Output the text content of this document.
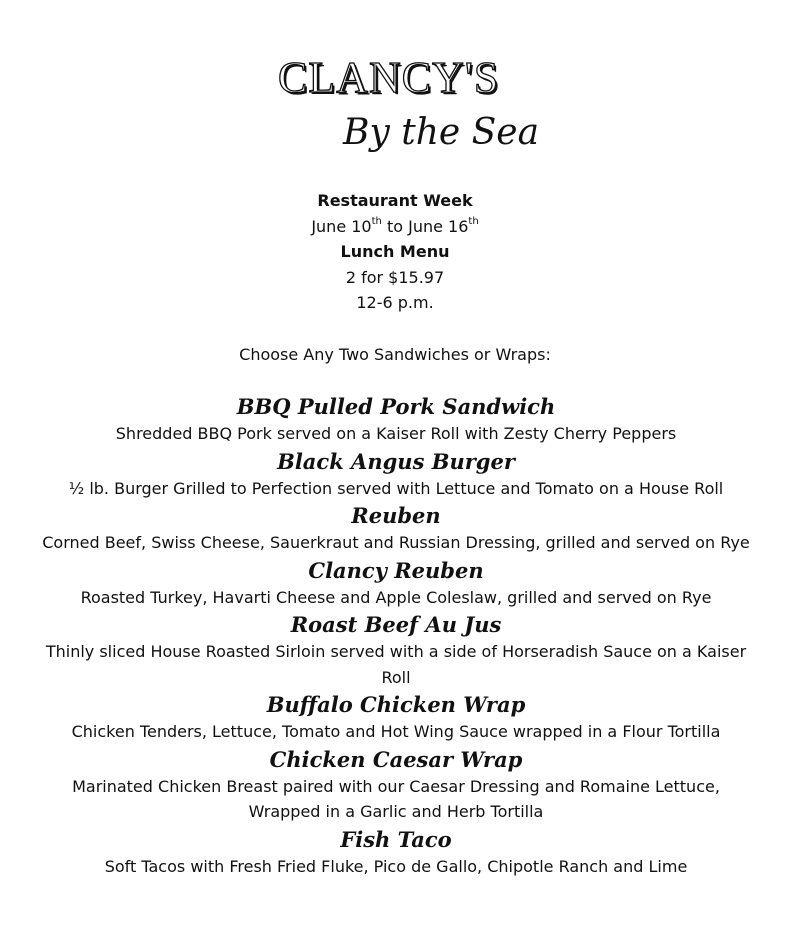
CLANCY'S
By the Sea
Restaurant Week
June 10th to June 16th
Lunch Menu
2 for $15.97
12-6 p.m.
Choose Any Two Sandwiches or Wraps:
BBQ Pulled Pork Sandwich
Shredded BBQ Pork served on a Kaiser Roll with Zesty Cherry Peppers
Black Angus Burger
½ lb. Burger Grilled to Perfection served with Lettuce and Tomato on a House Roll
Reuben
Corned Beef, Swiss Cheese, Sauerkraut and Russian Dressing, grilled and served on Rye
Clancy Reuben
Roasted Turkey, Havarti Cheese and Apple Coleslaw, grilled and served on Rye
Roast Beef Au Jus
Thinly sliced House Roasted Sirloin served with a side of Horseradish Sauce on a Kaiser Roll
Buffalo Chicken Wrap
Chicken Tenders, Lettuce, Tomato and Hot Wing Sauce wrapped in a Flour Tortilla
Chicken Caesar Wrap
Marinated Chicken Breast paired with our Caesar Dressing and Romaine Lettuce, Wrapped in a Garlic and Herb Tortilla
Fish Taco
Soft Tacos with Fresh Fried Fluke, Pico de Gallo, Chipotle Ranch and Lime
